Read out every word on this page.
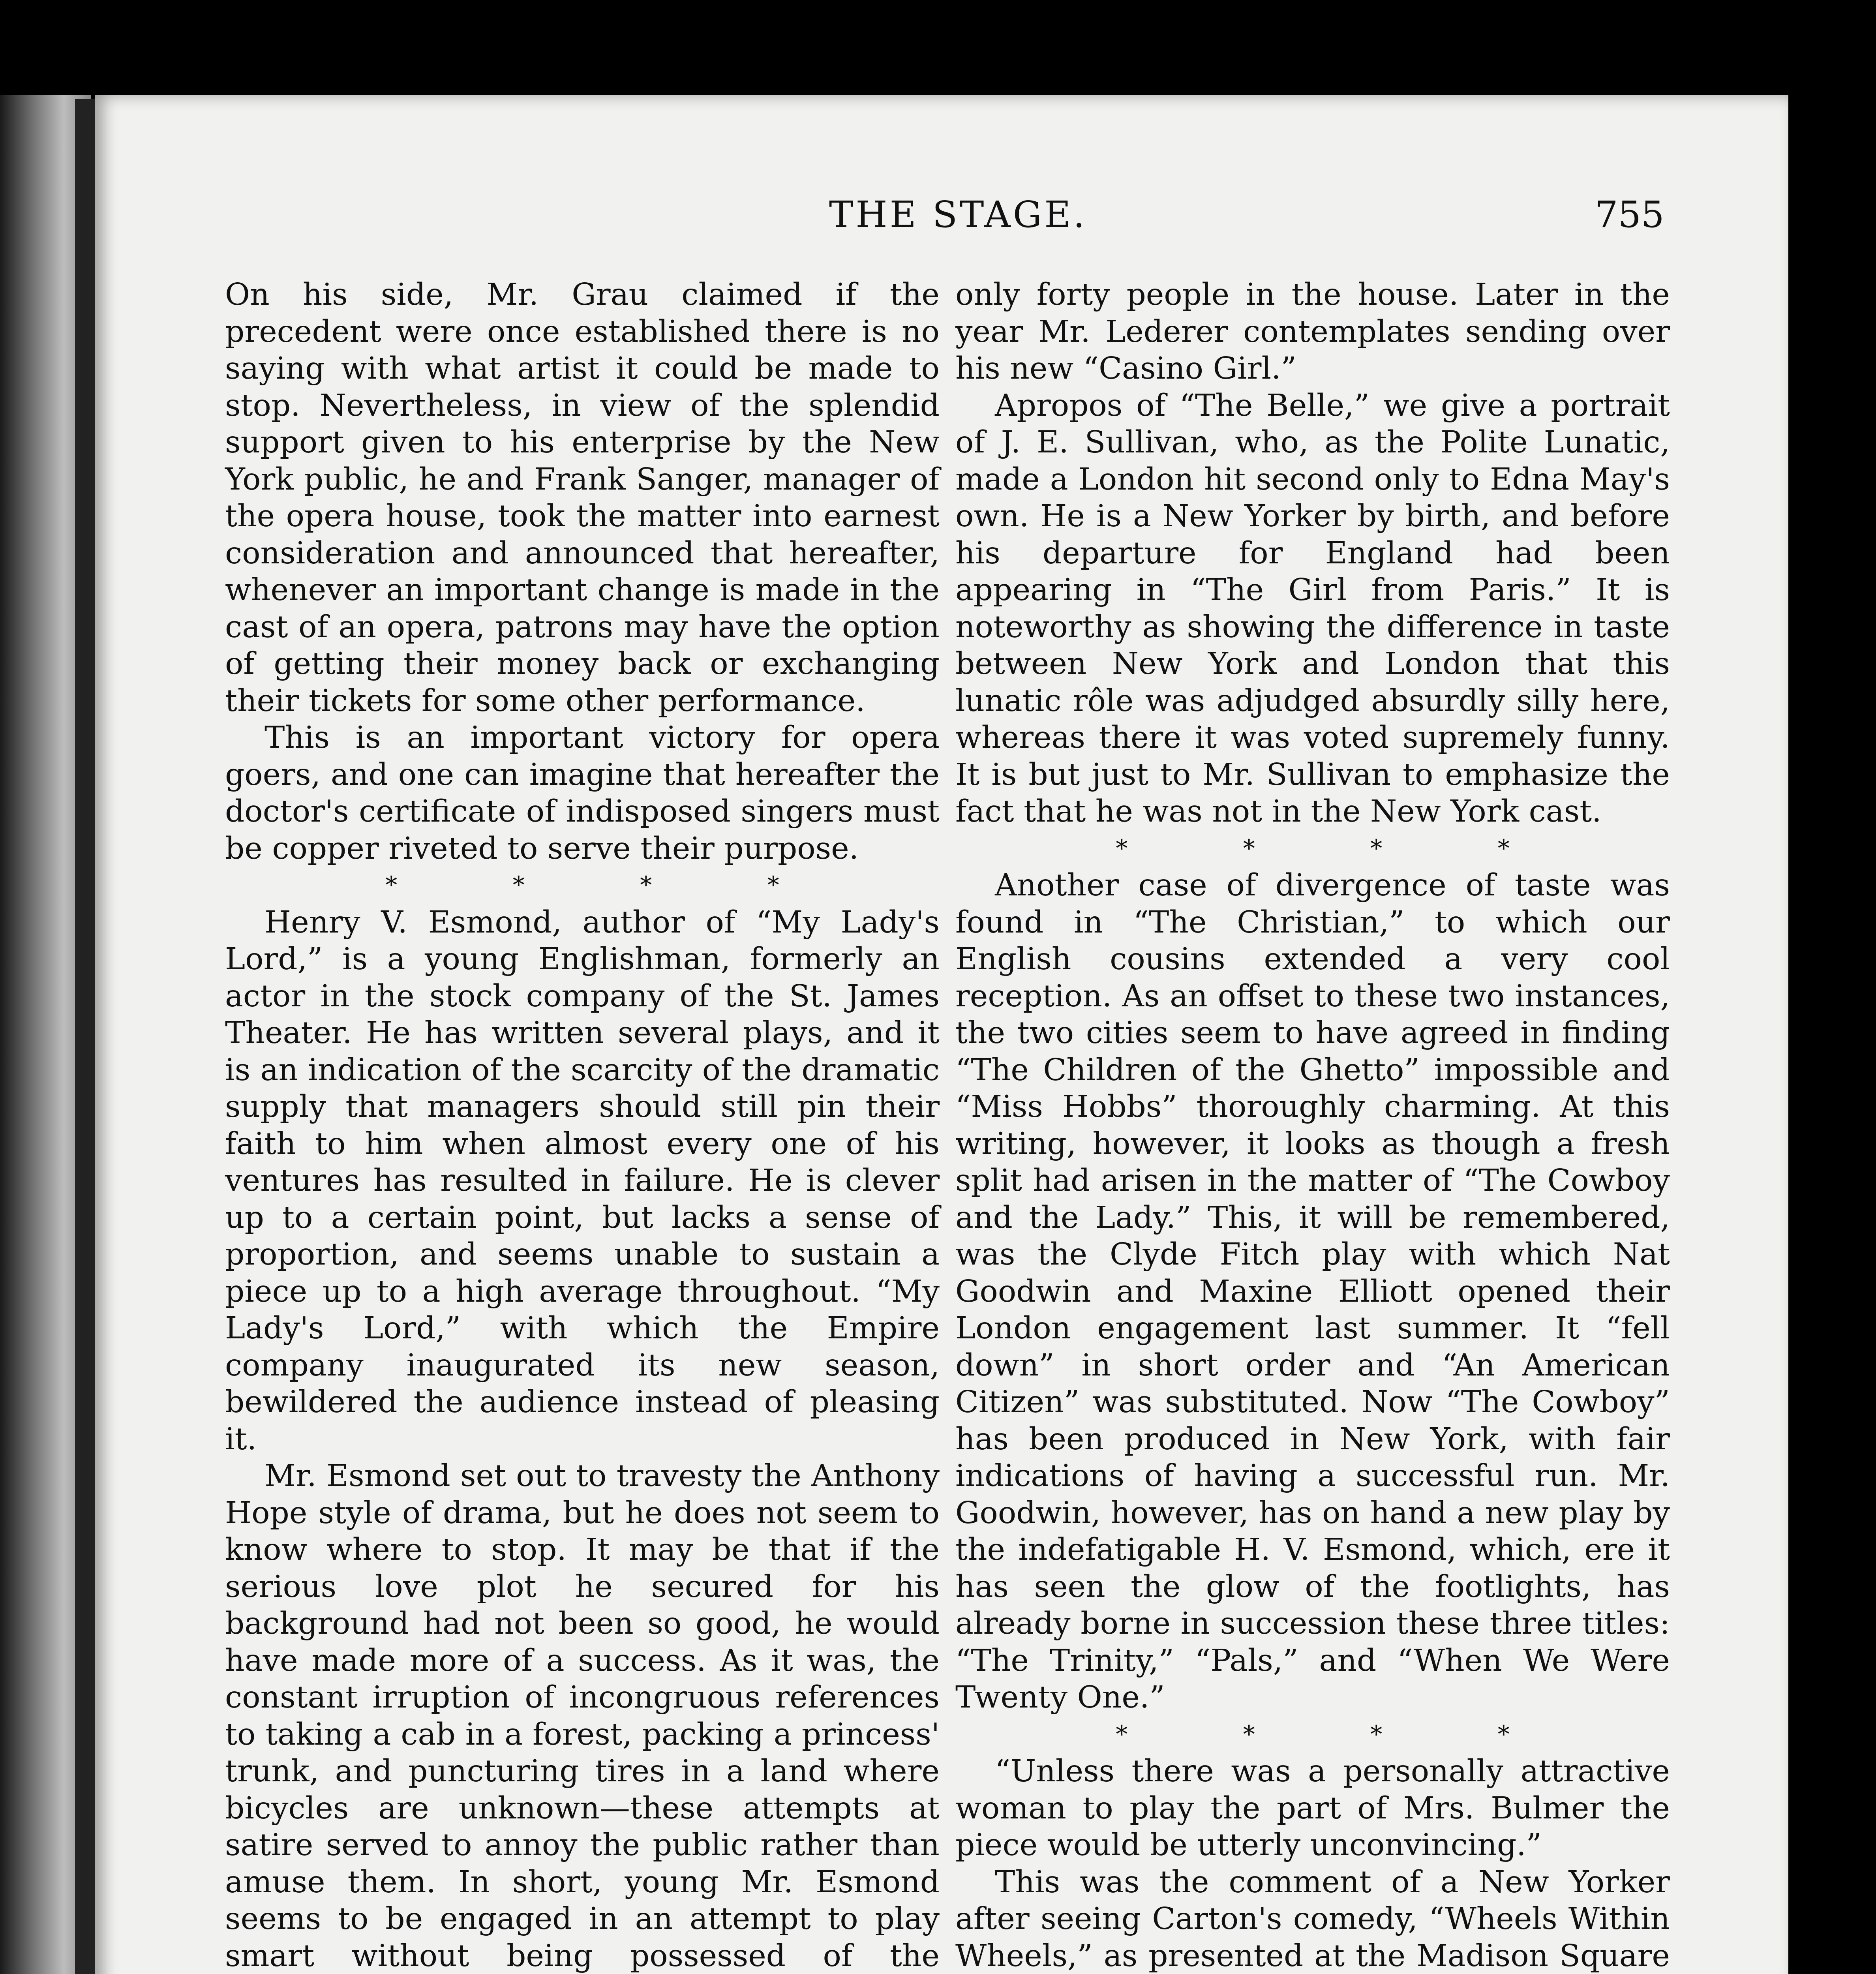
THE STAGE.	755

On his side, Mr. Grau claimed if the precedent were once established there is no saying with what artist it could be made to stop. Nevertheless, in view of the splendid support given to his enterprise by the New York public, he and Frank Sanger, manager of the opera house, took the matter into earnest consideration and announced that hereafter, whenever an important change is made in the cast of an opera, patrons may have the option of getting their money back or exchanging their tickets for some other performance.

This is an important victory for opera goers, and one can imagine that hereafter the doctor's certificate of indisposed singers must be copper riveted to serve their purpose.

*	*	*	*

Henry V. Esmond, author of “My Lady's Lord,” is a young Englishman, formerly an actor in the stock company of the St. James Theater. He has written several plays, and it is an indication of the scarcity of the dramatic supply that managers should still pin their faith to him when almost every one of his ventures has resulted in failure. He is clever up to a certain point, but lacks a sense of proportion, and seems unable to sustain a piece up to a high average throughout. “My Lady's Lord,” with which the Empire company inaugurated its new season, bewildered the audience instead of pleasing it.

Mr. Esmond set out to travesty the Anthony Hope style of drama, but he does not seem to know where to stop. It may be that if the serious love plot he secured for his background had not been so good, he would have made more of a success. As it was, the constant irruption of incongruous references to taking a cab in a forest, packing a princess' trunk, and puncturing tires in a land where bicycles are unknown—these attempts at satire served to annoy the public rather than amuse them. In short, young Mr. Esmond seems to be engaged in an attempt to play smart without being possessed of the

only forty people in the house. Later in the year Mr. Lederer contemplates sending over his new “Casino Girl.”

Apropos of “The Belle,” we give a portrait of J. E. Sullivan, who, as the Polite Lunatic, made a London hit second only to Edna May's own. He is a New Yorker by birth, and before his departure for England had been appearing in “The Girl from Paris.” It is noteworthy as showing the difference in taste between New York and London that this lunatic rôle was adjudged absurdly silly here, whereas there it was voted supremely funny. It is but just to Mr. Sullivan to emphasize the fact that he was not in the New York cast.

*	*	*	*

Another case of divergence of taste was found in “The Christian,” to which our English cousins extended a very cool reception. As an offset to these two instances, the two cities seem to have agreed in finding “The Children of the Ghetto” impossible and “Miss Hobbs” thoroughly charming. At this writing, however, it looks as though a fresh split had arisen in the matter of “The Cowboy and the Lady.” This, it will be remembered, was the Clyde Fitch play with which Nat Goodwin and Maxine Elliott opened their London engagement last summer. It “fell down” in short order and “An American Citizen” was substituted. Now “The Cowboy” has been produced in New York, with fair indications of having a successful run. Mr. Goodwin, however, has on hand a new play by the indefatigable H. V. Esmond, which, ere it has seen the glow of the footlights, has already borne in succession these three titles: “The Trinity,” “Pals,” and “When We Were Twenty One.”

*	*	*	*

“Unless there was a personally attractive woman to play the part of Mrs. Bulmer the piece would be utterly unconvincing.”

This was the comment of a New Yorker after seeing Carton's comedy, “Wheels Within Wheels,” as presented at the Madison Square
